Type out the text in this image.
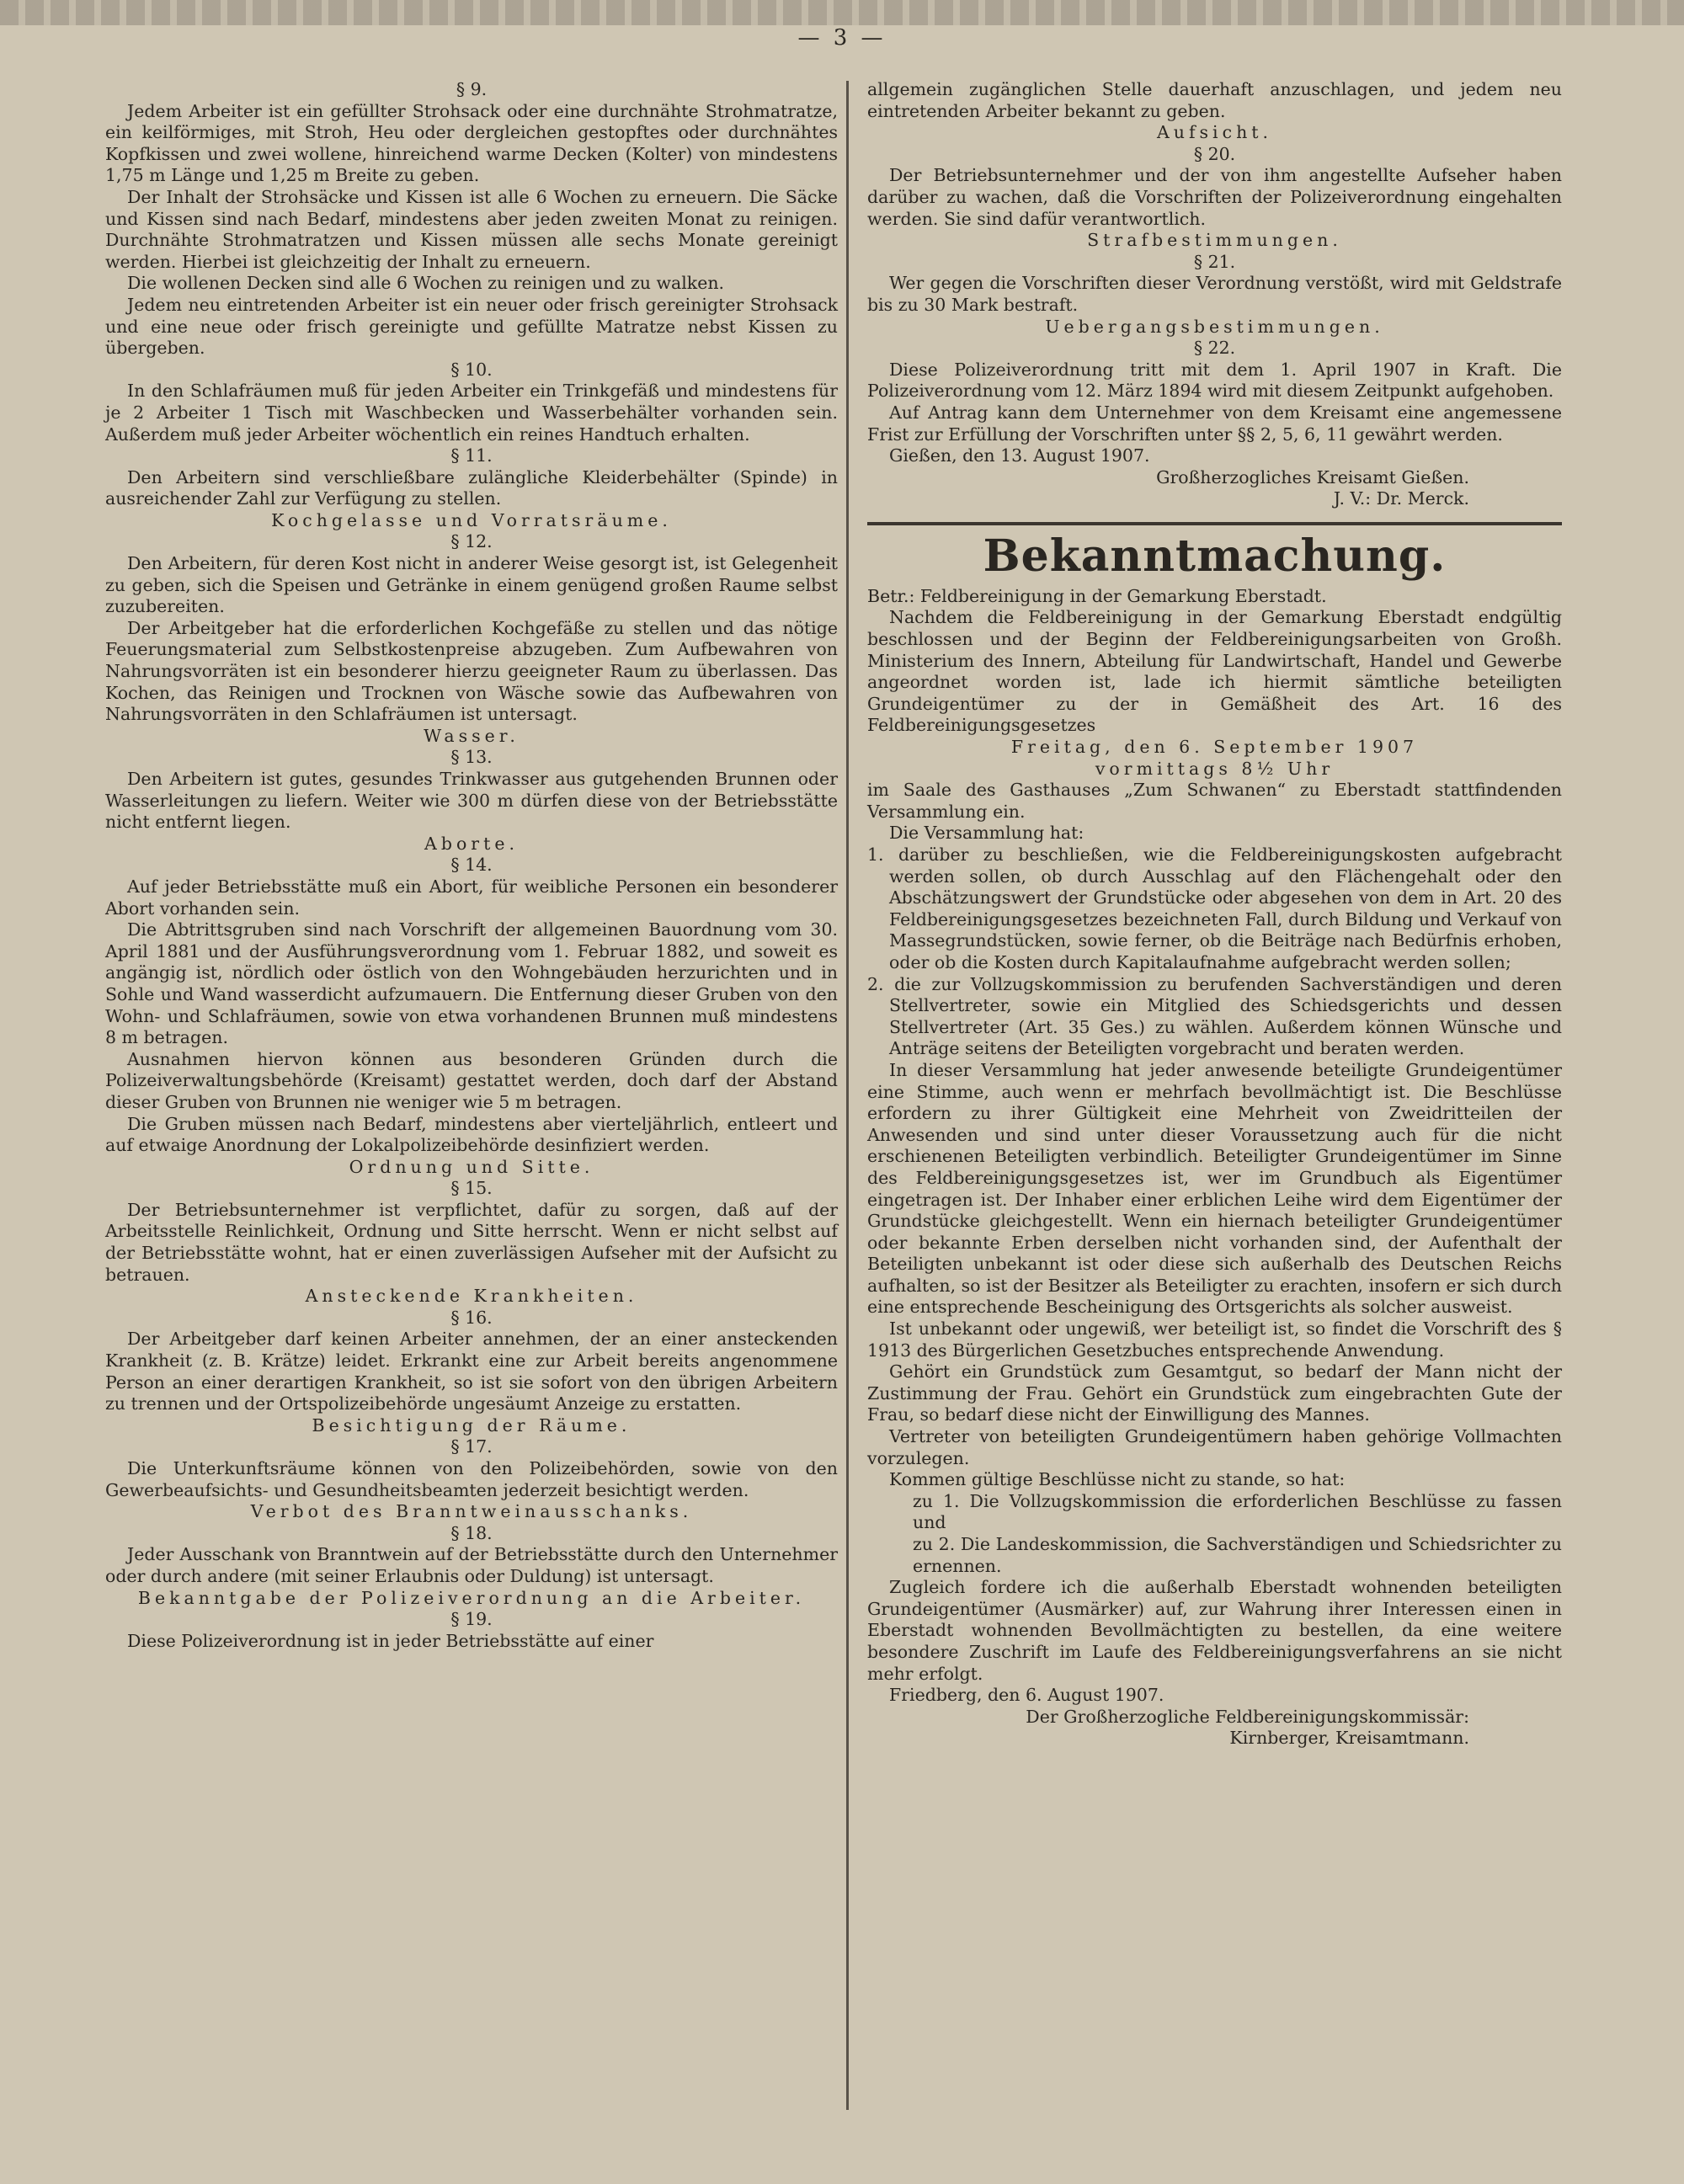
— 3 —

§ 9.

Jedem Arbeiter ist ein gefüllter Strohsack oder eine durchnähte Strohmatratze, ein keilförmiges, mit Stroh, Heu oder dergleichen gestopftes oder durchnähtes Kopfkissen und zwei wollene, hinreichend warme Decken (Kolter) von mindestens 1,75 m Länge und 1,25 m Breite zu geben.

Der Inhalt der Strohsäcke und Kissen ist alle 6 Wochen zu erneuern. Die Säcke und Kissen sind nach Bedarf, mindestens aber jeden zweiten Monat zu reinigen. Durchnähte Strohmatratzen und Kissen müssen alle sechs Monate gereinigt werden. Hierbei ist gleichzeitig der Inhalt zu erneuern.

Die wollenen Decken sind alle 6 Wochen zu reinigen und zu walken.

Jedem neu eintretenden Arbeiter ist ein neuer oder frisch gereinigter Strohsack und eine neue oder frisch gereinigte und gefüllte Matratze nebst Kissen zu übergeben.

§ 10.

In den Schlafräumen muß für jeden Arbeiter ein Trinkgefäß und mindestens für je 2 Arbeiter 1 Tisch mit Waschbecken und Wasserbehälter vorhanden sein. Außerdem muß jeder Arbeiter wöchentlich ein reines Handtuch erhalten.

§ 11.

Den Arbeitern sind verschließbare zulängliche Kleiderbehälter (Spinde) in ausreichender Zahl zur Verfügung zu stellen.

Kochgelasse und Vorratsräume.

§ 12.

Den Arbeitern, für deren Kost nicht in anderer Weise gesorgt ist, ist Gelegenheit zu geben, sich die Speisen und Getränke in einem genügend großen Raume selbst zuzubereiten.

Der Arbeitgeber hat die erforderlichen Kochgefäße zu stellen und das nötige Feuerungsmaterial zum Selbstkostenpreise abzugeben. Zum Aufbewahren von Nahrungsvorräten ist ein besonderer hierzu geeigneter Raum zu überlassen. Das Kochen, das Reinigen und Trocknen von Wäsche sowie das Aufbewahren von Nahrungsvorräten in den Schlafräumen ist untersagt.

Wasser.

§ 13.

Den Arbeitern ist gutes, gesundes Trinkwasser aus gutgehenden Brunnen oder Wasserleitungen zu liefern. Weiter wie 300 m dürfen diese von der Betriebsstätte nicht entfernt liegen.

Aborte.

§ 14.

Auf jeder Betriebsstätte muß ein Abort, für weibliche Personen ein besonderer Abort vorhanden sein.

Die Abtrittsgruben sind nach Vorschrift der allgemeinen Bauordnung vom 30. April 1881 und der Ausführungsverordnung vom 1. Februar 1882, und soweit es angängig ist, nördlich oder östlich von den Wohngebäuden herzurichten und in Sohle und Wand wasserdicht aufzumauern. Die Entfernung dieser Gruben von den Wohn- und Schlafräumen, sowie von etwa vorhandenen Brunnen muß mindestens 8 m betragen.

Ausnahmen hiervon können aus besonderen Gründen durch die Polizeiverwaltungsbehörde (Kreisamt) gestattet werden, doch darf der Abstand dieser Gruben von Brunnen nie weniger wie 5 m betragen.

Die Gruben müssen nach Bedarf, mindestens aber vierteljährlich, entleert und auf etwaige Anordnung der Lokalpolizeibehörde desinfiziert werden.

Ordnung und Sitte.

§ 15.

Der Betriebsunternehmer ist verpflichtet, dafür zu sorgen, daß auf der Arbeitsstelle Reinlichkeit, Ordnung und Sitte herrscht. Wenn er nicht selbst auf der Betriebsstätte wohnt, hat er einen zuverlässigen Aufseher mit der Aufsicht zu betrauen.

Ansteckende Krankheiten.

§ 16.

Der Arbeitgeber darf keinen Arbeiter annehmen, der an einer ansteckenden Krankheit (z. B. Krätze) leidet. Erkrankt eine zur Arbeit bereits angenommene Person an einer derartigen Krankheit, so ist sie sofort von den übrigen Arbeitern zu trennen und der Ortspolizeibehörde ungesäumt Anzeige zu erstatten.

Besichtigung der Räume.

§ 17.

Die Unterkunftsräume können von den Polizeibehörden, sowie von den Gewerbeaufsichts- und Gesundheitsbeamten jederzeit besichtigt werden.

Verbot des Branntweinausschanks.

§ 18.

Jeder Ausschank von Branntwein auf der Betriebsstätte durch den Unternehmer oder durch andere (mit seiner Erlaubnis oder Duldung) ist untersagt.

Bekanntgabe der Polizeiverordnung an die Arbeiter.

§ 19.

Diese Polizeiverordnung ist in jeder Betriebsstätte auf einer

allgemein zugänglichen Stelle dauerhaft anzuschlagen, und jedem neu eintretenden Arbeiter bekannt zu geben.

Aufsicht.

§ 20.

Der Betriebsunternehmer und der von ihm angestellte Aufseher haben darüber zu wachen, daß die Vorschriften der Polizeiverordnung eingehalten werden. Sie sind dafür verantwortlich.

Strafbestimmungen.

§ 21.

Wer gegen die Vorschriften dieser Verordnung verstößt, wird mit Geldstrafe bis zu 30 Mark bestraft.

Uebergangsbestimmungen.

§ 22.

Diese Polizeiverordnung tritt mit dem 1. April 1907 in Kraft. Die Polizeiverordnung vom 12. März 1894 wird mit diesem Zeitpunkt aufgehoben.

Auf Antrag kann dem Unternehmer von dem Kreisamt eine angemessene Frist zur Erfüllung der Vorschriften unter §§ 2, 5, 6, 11 gewährt werden.

Gießen, den 13. August 1907.

Großherzogliches Kreisamt Gießen.

J. V.: Dr. Merck.

Bekanntmachung.

Betr.: Feldbereinigung in der Gemarkung Eberstadt.

Nachdem die Feldbereinigung in der Gemarkung Eberstadt endgültig beschlossen und der Beginn der Feldbereinigungsarbeiten von Großh. Ministerium des Innern, Abteilung für Landwirtschaft, Handel und Gewerbe angeordnet worden ist, lade ich hiermit sämtliche beteiligten Grundeigentümer zu der in Gemäßheit des Art. 16 des Feldbereinigungsgesetzes

Freitag, den 6. September 1907

vormittags 8½ Uhr

im Saale des Gasthauses „Zum Schwanen“ zu Eberstadt stattfindenden Versammlung ein.

Die Versammlung hat:

1. darüber zu beschließen, wie die Feldbereinigungskosten aufgebracht werden sollen, ob durch Ausschlag auf den Flächengehalt oder den Abschätzungswert der Grundstücke oder abgesehen von dem in Art. 20 des Feldbereinigungsgesetzes bezeichneten Fall, durch Bildung und Verkauf von Massegrundstücken, sowie ferner, ob die Beiträge nach Bedürfnis erhoben, oder ob die Kosten durch Kapitalaufnahme aufgebracht werden sollen;

2. die zur Vollzugskommission zu berufenden Sachverständigen und deren Stellvertreter, sowie ein Mitglied des Schiedsgerichts und dessen Stellvertreter (Art. 35 Ges.) zu wählen. Außerdem können Wünsche und Anträge seitens der Beteiligten vorgebracht und beraten werden.

In dieser Versammlung hat jeder anwesende beteiligte Grundeigentümer eine Stimme, auch wenn er mehrfach bevollmächtigt ist. Die Beschlüsse erfordern zu ihrer Gültigkeit eine Mehrheit von Zweidritteilen der Anwesenden und sind unter dieser Voraussetzung auch für die nicht erschienenen Beteiligten verbindlich. Beteiligter Grundeigentümer im Sinne des Feldbereinigungsgesetzes ist, wer im Grundbuch als Eigentümer eingetragen ist. Der Inhaber einer erblichen Leihe wird dem Eigentümer der Grundstücke gleichgestellt. Wenn ein hiernach beteiligter Grundeigentümer oder bekannte Erben derselben nicht vorhanden sind, der Aufenthalt der Beteiligten unbekannt ist oder diese sich außerhalb des Deutschen Reichs aufhalten, so ist der Besitzer als Beteiligter zu erachten, insofern er sich durch eine entsprechende Bescheinigung des Ortsgerichts als solcher ausweist.

Ist unbekannt oder ungewiß, wer beteiligt ist, so findet die Vorschrift des § 1913 des Bürgerlichen Gesetzbuches entsprechende Anwendung.

Gehört ein Grundstück zum Gesamtgut, so bedarf der Mann nicht der Zustimmung der Frau. Gehört ein Grundstück zum eingebrachten Gute der Frau, so bedarf diese nicht der Einwilligung des Mannes.

Vertreter von beteiligten Grundeigentümern haben gehörige Vollmachten vorzulegen.

Kommen gültige Beschlüsse nicht zu stande, so hat:

zu 1. Die Vollzugskommission die erforderlichen Beschlüsse zu fassen und

zu 2. Die Landeskommission, die Sachverständigen und Schiedsrichter zu ernennen.

Zugleich fordere ich die außerhalb Eberstadt wohnenden beteiligten Grundeigentümer (Ausmärker) auf, zur Wahrung ihrer Interessen einen in Eberstadt wohnenden Bevollmächtigten zu bestellen, da eine weitere besondere Zuschrift im Laufe des Feldbereinigungsverfahrens an sie nicht mehr erfolgt.

Friedberg, den 6. August 1907.

Der Großherzogliche Feldbereinigungskommissär:

Kirnberger, Kreisamtmann.
